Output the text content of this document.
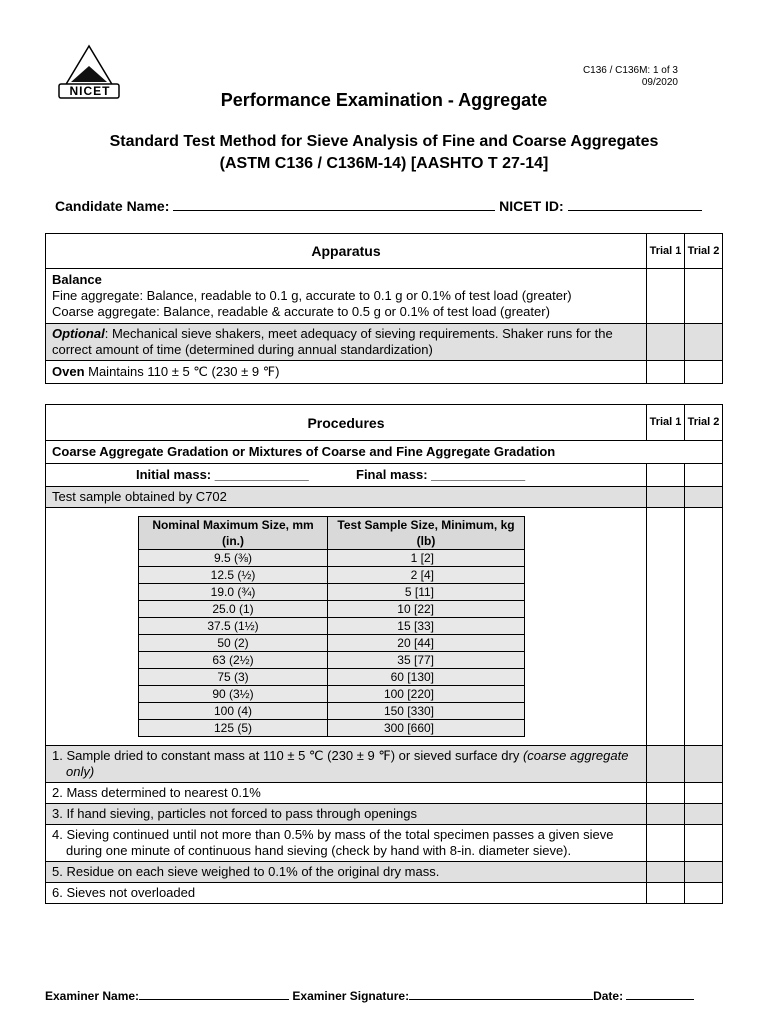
NICET
C136 / C136M: 1 of 3
09/2020
Performance Examination - Aggregate
Standard Test Method for Sieve Analysis of Fine and Coarse Aggregates
(ASTM C136 / C136M-14) [AASHTO T 27-14]
Candidate Name:	NICET ID:
Apparatus	Trial 1	Trial 2

Balance
Fine aggregate: Balance, readable to 0.1 g, accurate to 0.1 g or 0.1% of test load (greater)
Coarse aggregate: Balance, readable & accurate to 0.5 g or 0.1% of test load (greater)		

Optional: Mechanical sieve shakers, meet adequacy of sieving requirements. Shaker runs for the correct amount of time (determined during annual standardization)		
Oven Maintains 110 ± 5 ℃ (230 ± 9 ℉)		
Procedures	Trial 1	Trial 2
Coarse Aggregate Gradation or Mixtures of Coarse and Fine Aggregate Gradation
Initial mass: _____________	Final mass: _____________		
Test sample obtained by C702		

Nominal Maximum Size, mm (in.)	Test Sample Size, Minimum, kg (lb)
9.5 (⅜)	1 [2]
12.5 (½)	2 [4]
19.0 (¾)	5 [11]
25.0 (1)	10 [22]
37.5 (1½)	15 [33]
50 (2)	20 [44]
63 (2½)	35 [77]
75 (3)	60 [130]
90 (3½)	100 [220]
100 (4)	150 [330]
125 (5)	300 [660]

1. Sample dried to constant mass at 110 ± 5 ℃ (230 ± 9 ℉) or sieved surface dry (coarse aggregate only)		
2. Mass determined to nearest 0.1%		
3. If hand sieving, particles not forced to pass through openings		
4. Sieving continued until not more than 0.5% by mass of the total specimen passes a given sieve during one minute of continuous hand sieving (check by hand with 8-in. diameter sieve).		
5. Residue on each sieve weighed to 0.1% of the original dry mass.		
6. Sieves not overloaded		
Examiner Name:	Examiner Signature:	Date:
